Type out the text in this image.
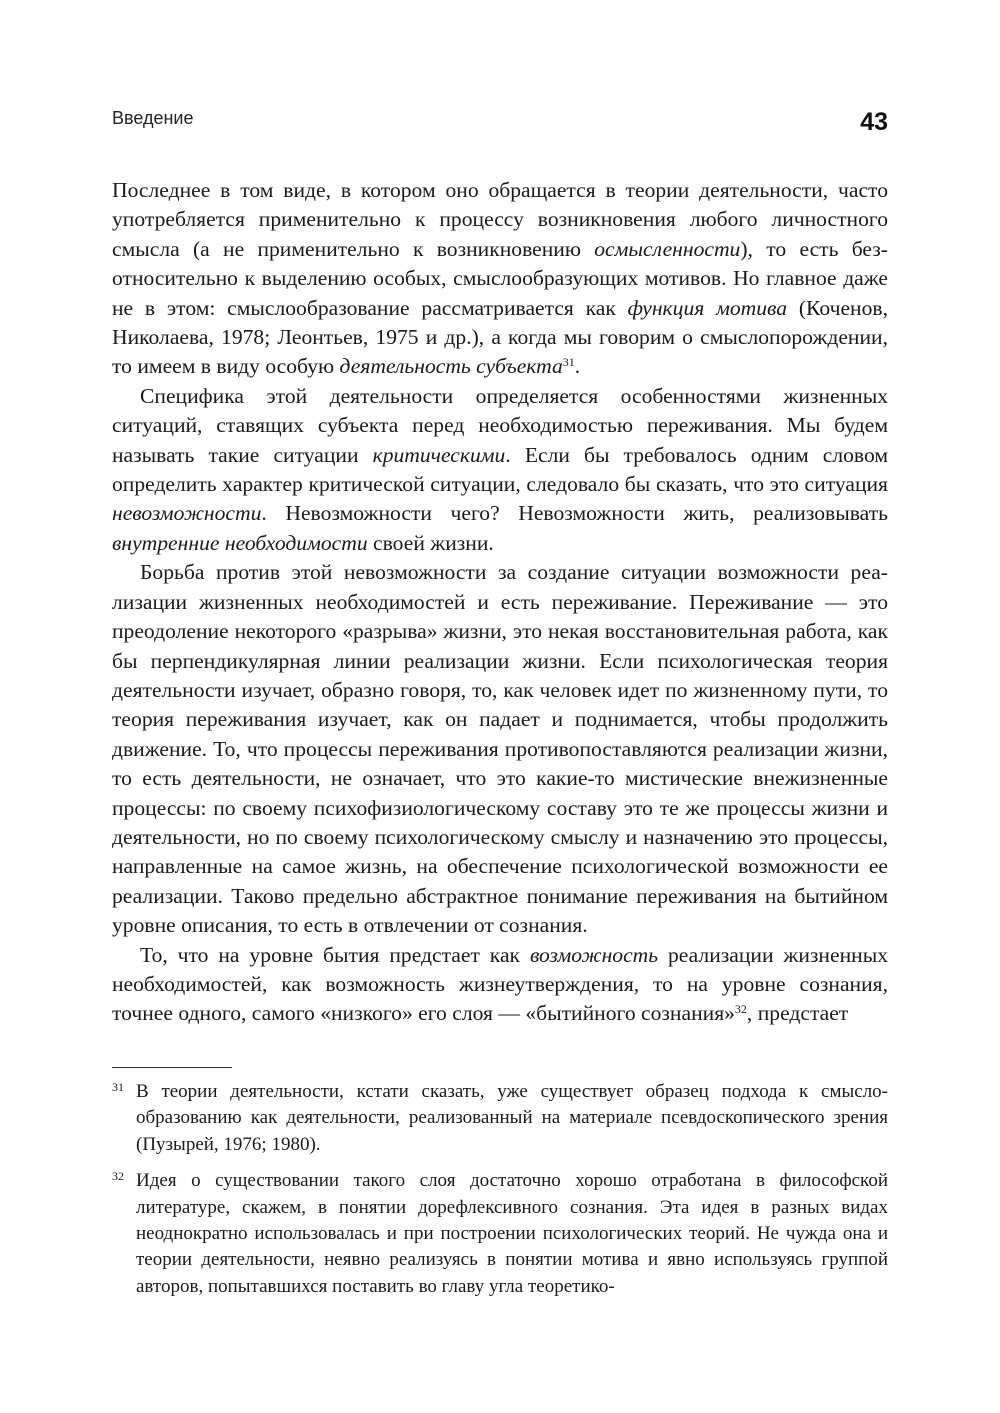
Введение	43

Последнее в том виде, в котором оно обращается в теории деятельности, часто употребляется применительно к процессу возникновения любого личностного смысла (а не применительно к возникновению осмысленности), то есть безотносительно к выделению особых, смыслообразующих мотивов. Но главное даже не в этом: смыслообразование рассматривается как функция мотива (Коченов, Николаева, 1978; Леонтьев, 1975 и др.), а когда мы говорим о смыслопорождении, то имеем в виду особую деятельность субъекта$^{31}$.

Специфика этой деятельности определяется особенностями жизненных ситуаций, ставящих субъекта перед необходимостью переживания. Мы будем называть такие ситуации критическими. Если бы требовалось одним словом определить характер критической ситуации, следовало бы сказать, что это ситуация невозможности. Невозможности чего? Невозможности жить, реализовывать внутренние необходимости своей жизни.

Борьба против этой невозможности за создание ситуации возможности реализации жизненных необходимостей и есть переживание. Переживание — это преодоление некоторого «разрыва» жизни, это некая восстановительная работа, как бы перпендикулярная линии реализации жизни. Если психологическая теория деятельности изучает, образно говоря, то, как человек идет по жизненному пути, то теория переживания изучает, как он падает и поднимается, чтобы продолжить движение. То, что процессы переживания противопоставляются реализации жизни, то есть деятельности, не означает, что это какие-то мистические внежизненные процессы: по своему психофизиологическому составу это те же процессы жизни и деятельности, но по своему психологическому смыслу и назначению это процессы, направленные на самое жизнь, на обеспечение психологической возможности ее реализации. Таково предельно абстрактное понимание переживания на бытийном уровне описания, то есть в отвлечении от сознания.

То, что на уровне бытия предстает как возможность реализации жизненных необходимостей, как возможность жизнеутверждения, то на уровне сознания, точнее одного, самого «низкого» его слоя — «бытийного сознания»$^{32}$, предстает

31 В теории деятельности, кстати сказать, уже существует образец подхода к смыслообразованию как деятельности, реализованный на материале псевдоскопического зрения (Пузырей, 1976; 1980).
32 Идея о существовании такого слоя достаточно хорошо отработана в философской литературе, скажем, в понятии дорефлексивного сознания. Эта идея в разных видах неоднократно использовалась и при построении психологических теорий. Не чужда она и теории деятельности, неявно реализуясь в понятии мотива и явно используясь группой авторов, попытавшихся поставить во главу угла теоретико-
